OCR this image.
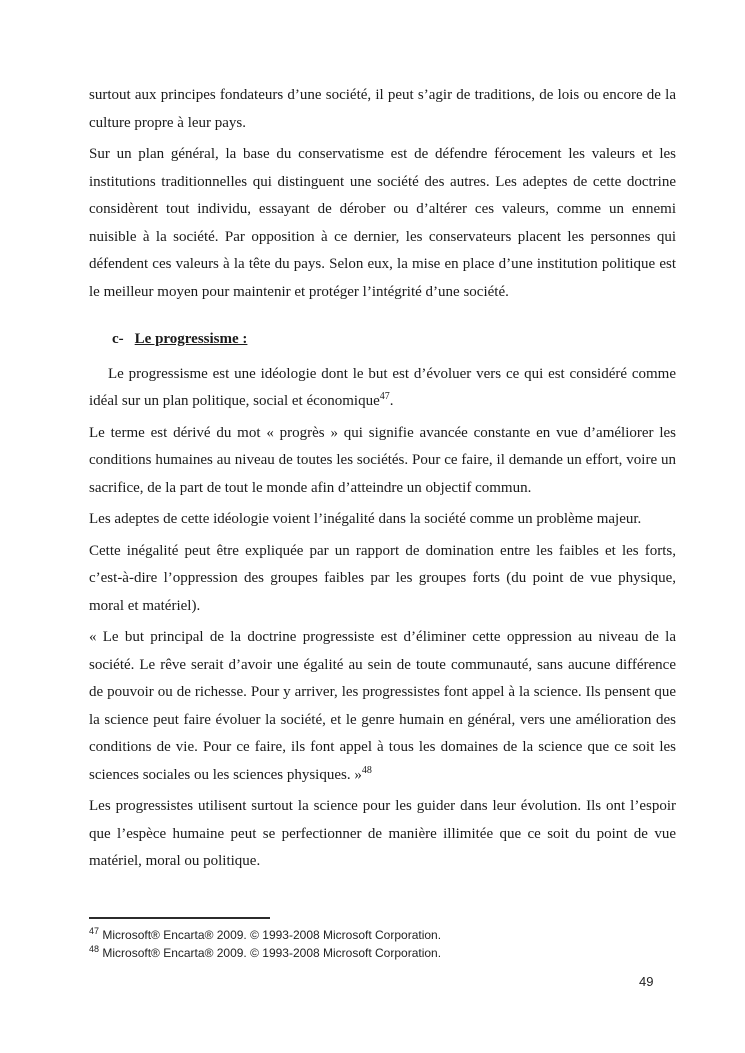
surtout aux principes fondateurs d’une société, il peut s’agir de traditions, de lois ou encore de la culture propre à leur pays.

Sur un plan général, la base du conservatisme est de défendre férocement les valeurs et les institutions traditionnelles qui distinguent une société des autres. Les adeptes de cette doctrine considèrent tout individu, essayant de dérober ou d’altérer ces valeurs, comme un ennemi nuisible à la société. Par opposition à ce dernier, les conservateurs placent les personnes qui défendent ces valeurs à la tête du pays. Selon eux, la mise en place d’une institution politique est le meilleur moyen pour maintenir et protéger l’intégrité d’une société.

c- Le progressisme :

Le progressisme est une idéologie dont le but est d’évoluer vers ce qui est considéré comme idéal sur un plan politique, social et économique$^{47}$.

Le terme est dérivé du mot « progrès » qui signifie avancée constante en vue d’améliorer les conditions humaines au niveau de toutes les sociétés. Pour ce faire, il demande un effort, voire un sacrifice, de la part de tout le monde afin d’atteindre un objectif commun.

Les adeptes de cette idéologie voient l’inégalité dans la société comme un problème majeur.

Cette inégalité peut être expliquée par un rapport de domination entre les faibles et les forts, c’est-à-dire l’oppression des groupes faibles par les groupes forts (du point de vue physique, moral et matériel).

« Le but principal de la doctrine progressiste est d’éliminer cette oppression au niveau de la société. Le rêve serait d’avoir une égalité au sein de toute communauté, sans aucune différence de pouvoir ou de richesse. Pour y arriver, les progressistes font appel à la science. Ils pensent que la science peut faire évoluer la société, et le genre humain en général, vers une amélioration des conditions de vie. Pour ce faire, ils font appel à tous les domaines de la science que ce soit les sciences sociales ou les sciences physiques. »$^{48}$

Les progressistes utilisent surtout la science pour les guider dans leur évolution. Ils ont l’espoir que l’espèce humaine peut se perfectionner de manière illimitée que ce soit du point de vue matériel, moral ou politique.

$^{47}$ Microsoft® Encarta® 2009. © 1993-2008 Microsoft Corporation.
$^{48}$ Microsoft® Encarta® 2009. © 1993-2008 Microsoft Corporation.
49
